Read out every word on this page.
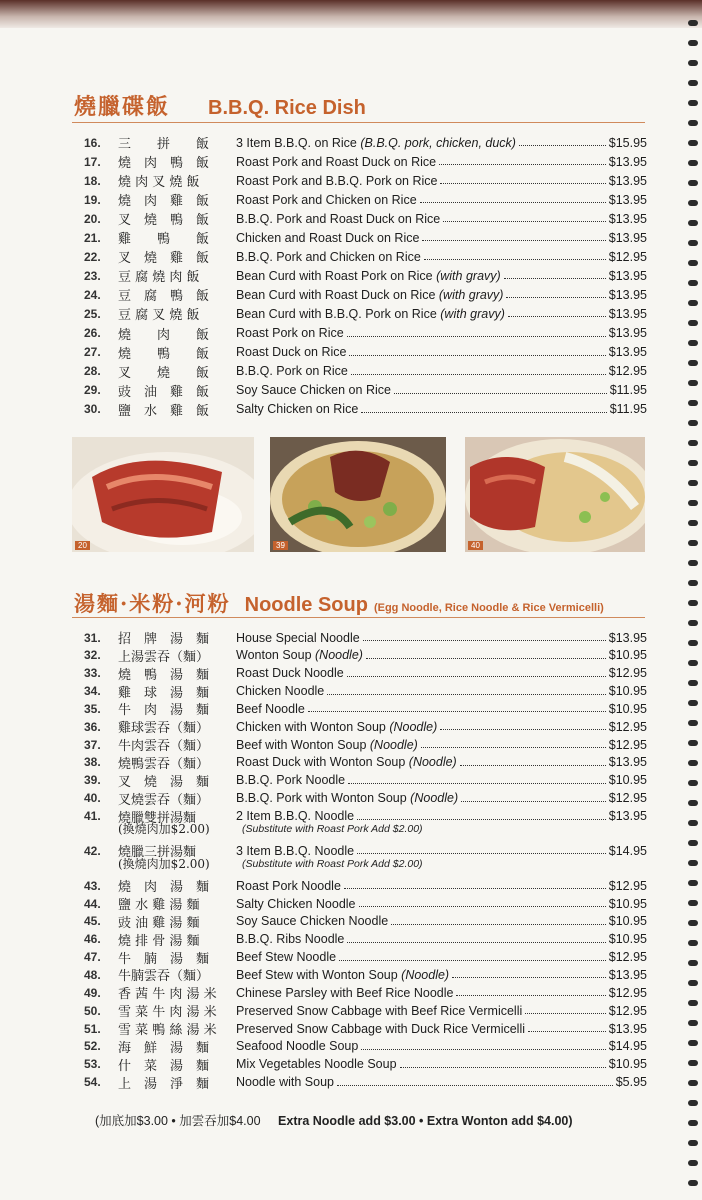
燒臘碟飯 B.B.Q. Rice Dish
16.	三　　拼　　飯	3 Item B.B.Q. on Rice (B.B.Q. pork, chicken, duck)	$15.95
17.	燒　肉　鴨　飯	Roast Pork and Roast Duck on Rice	$13.95
18.	燒 肉 叉 燒 飯	Roast Pork and B.B.Q. Pork on Rice	$13.95
19.	燒　肉　雞　飯	Roast Pork and Chicken on Rice	$13.95
20.	叉　燒　鴨　飯	B.B.Q. Pork and Roast Duck on Rice	$13.95
21.	雞　　鴨　　飯	Chicken and Roast Duck on Rice	$13.95
22.	叉　燒　雞　飯	B.B.Q. Pork and Chicken on Rice	$12.95
23.	豆 腐 燒 肉 飯	Bean Curd with Roast Pork on Rice (with gravy)	$13.95
24.	豆　腐　鴨　飯	Bean Curd with Roast Duck on Rice (with gravy)	$13.95
25.	豆 腐 叉 燒 飯	Bean Curd with B.B.Q. Pork on Rice (with gravy)	$13.95
26.	燒　　肉　　飯	Roast Pork on Rice	$13.95
27.	燒　　鴨　　飯	Roast Duck on Rice	$13.95
28.	叉　　燒　　飯	B.B.Q. Pork on Rice	$12.95
29.	豉　油　雞　飯	Soy Sauce Chicken on Rice	$11.95
30.	鹽　水　雞　飯	Salty Chicken on Rice	$11.95
20	39	40
湯麵·米粉·河粉 Noodle Soup (Egg Noodle, Rice Noodle & Rice Vermicelli)
31.	招　牌　湯　麵	House Special Noodle	$13.95
32.	上湯雲吞（麵）	Wonton Soup (Noodle)	$10.95
33.	燒　鴨　湯　麵	Roast Duck Noodle	$12.95
34.	雞　球　湯　麵	Chicken Noodle	$10.95
35.	牛　肉　湯　麵	Beef Noodle	$10.95
36.	雞球雲吞（麵）	Chicken with Wonton Soup (Noodle)	$12.95
37.	牛肉雲吞（麵）	Beef with Wonton Soup (Noodle)	$12.95
38.	燒鴨雲吞（麵）	Roast Duck with Wonton Soup (Noodle)	$13.95
39.	叉　燒　湯　麵	B.B.Q. Pork Noodle	$10.95
40.	叉燒雲吞（麵）	B.B.Q. Pork with Wonton Soup (Noodle)	$12.95
41.	燒臘雙拼湯麵	2 Item B.B.Q. Noodle	$13.95
(換燒肉加$2.00)	(Substitute with Roast Pork Add $2.00)
42.	燒臘三拼湯麵	3 Item B.B.Q. Noodle	$14.95
(換燒肉加$2.00)	(Substitute with Roast Pork Add $2.00)
43.	燒　肉　湯　麵	Roast Pork Noodle	$12.95
44.	鹽 水 雞 湯 麵	Salty Chicken Noodle	$10.95
45.	豉 油 雞 湯 麵	Soy Sauce Chicken Noodle	$10.95
46.	燒 排 骨 湯 麵	B.B.Q. Ribs Noodle	$10.95
47.	牛　腩　湯　麵	Beef Stew Noodle	$12.95
48.	牛腩雲吞（麵）	Beef Stew with Wonton Soup (Noodle)	$13.95
49.	香 茜 牛 肉 湯 米	Chinese Parsley with Beef Rice Noodle	$12.95
50.	雪 菜 牛 肉 湯 米	Preserved Snow Cabbage with Beef Rice Vermicelli	$12.95
51.	雪 菜 鴨 絲 湯 米	Preserved Snow Cabbage with Duck Rice Vermicelli	$13.95
52.	海　鮮　湯　麵	Seafood Noodle Soup	$14.95
53.	什　菜　湯　麵	Mix Vegetables Noodle Soup	$10.95
54.	上　湯　淨　麵	Noodle with Soup	$5.95
(加底加$3.00 • 加雲吞加$4.00 Extra Noodle add $3.00 • Extra Wonton add $4.00)
